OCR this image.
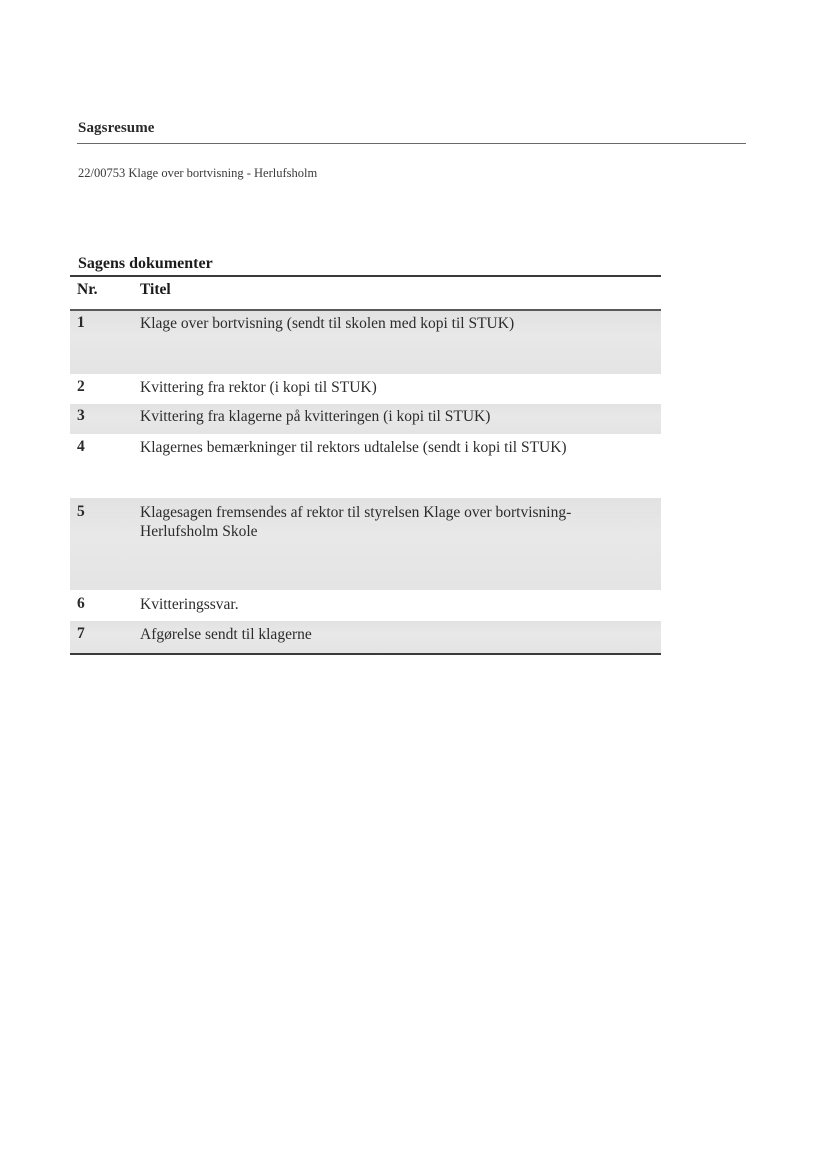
Sagsresume
22/00753 Klage over bortvisning - Herlufsholm
Sagens dokumenter
Nr.	Titel
1	Klage over bortvisning (sendt til skolen med kopi til STUK)
2	Kvittering fra rektor (i kopi til STUK)
3	Kvittering fra klagerne på kvitteringen (i kopi til STUK)
4	Klagernes bemærkninger til rektors udtalelse (sendt i kopi til STUK)
5	Klagesagen fremsendes af rektor til styrelsen Klage over bortvisning-Herlufsholm Skole
6	Kvitteringssvar.
7	Afgørelse sendt til klagerne
